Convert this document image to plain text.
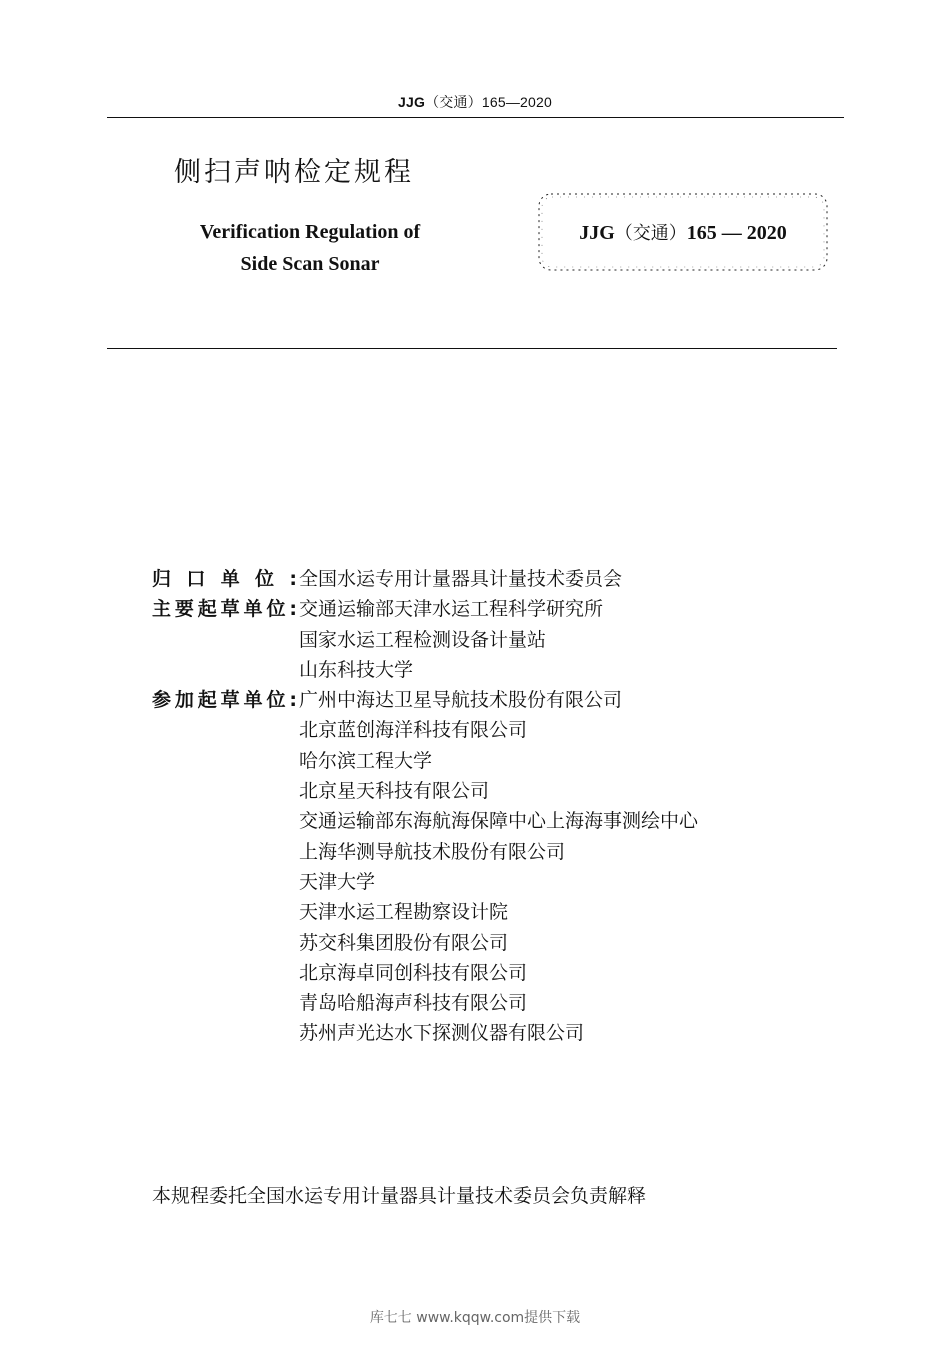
JJG（交通）165—2020
侧扫声呐检定规程
Verification Regulation of
Side Scan Sonar
JJG（交通）165 — 2020
归 口 单 位 : 全国水运专用计量器具计量技术委员会
主 要 起 草 单 位 : 交通运输部天津水运工程科学研究所
国家水运工程检测设备计量站
山东科技大学
参 加 起 草 单 位 : 广州中海达卫星导航技术股份有限公司
北京蓝创海洋科技有限公司
哈尔滨工程大学
北京星天科技有限公司
交通运输部东海航海保障中心上海海事测绘中心
上海华测导航技术股份有限公司
天津大学
天津水运工程勘察设计院
苏交科集团股份有限公司
北京海卓同创科技有限公司
青岛哈船海声科技有限公司
苏州声光达水下探测仪器有限公司
本规程委托全国水运专用计量器具计量技术委员会负责解释
库七七 www.kqqw.com提供下载
